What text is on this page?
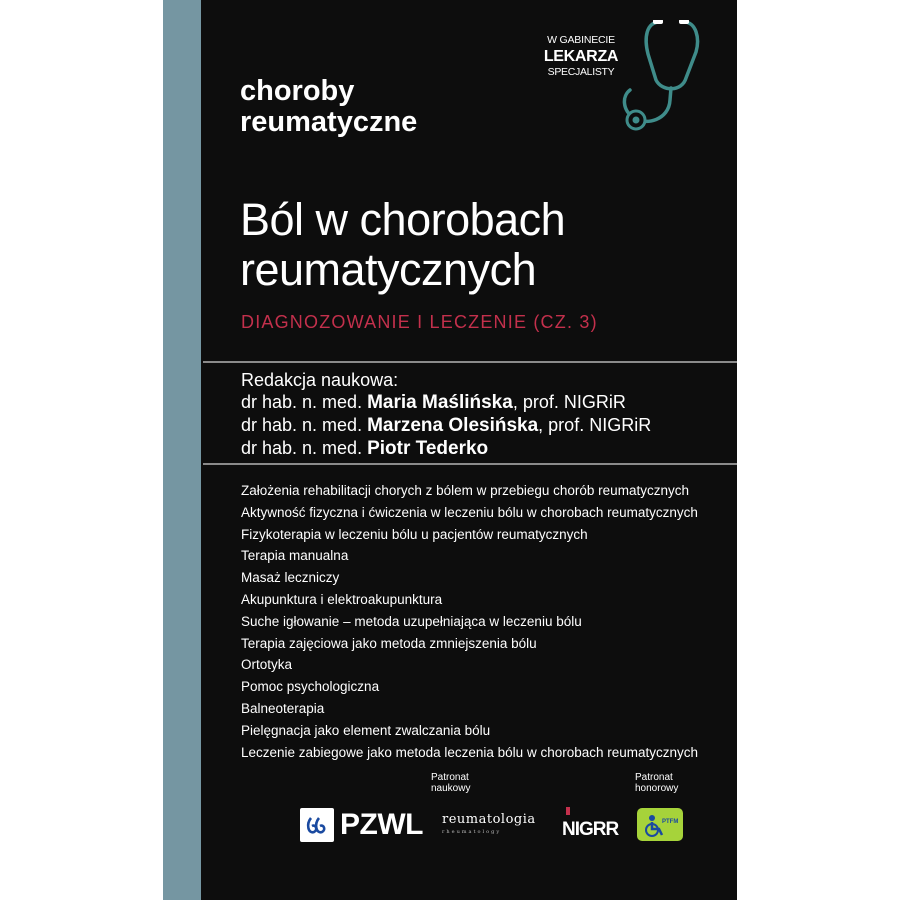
choroby
reumatyczne
W GABINECIE
LEKARZA
SPECJALISTY
Ból w chorobach
reumatycznych
DIAGNOZOWANIE I LECZENIE (CZ. 3)
Redakcja naukowa:
dr hab. n. med. Maria Maślińska, prof. NIGRiR
dr hab. n. med. Marzena Olesińska, prof. NIGRiR
dr hab. n. med. Piotr Tederko
Założenia rehabilitacji chorych z bólem w przebiegu chorób reumatycznych
Aktywność fizyczna i ćwiczenia w leczeniu bólu w chorobach reumatycznych
Fizykoterapia w leczeniu bólu u pacjentów reumatycznych
Terapia manualna
Masaż leczniczy
Akupunktura i elektroakupunktura
Suche igłowanie – metoda uzupełniająca w leczeniu bólu
Terapia zajęciowa jako metoda zmniejszenia bólu
Ortotyka
Pomoc psychologiczna
Balneoterapia
Pielęgnacja jako element zwalczania bólu
Leczenie zabiegowe jako metoda leczenia bólu w chorobach reumatycznych
Patronat
naukowy
Patronat
honorowy
PZWL reumatologia
rheumatology	NIGRR	PTFM
